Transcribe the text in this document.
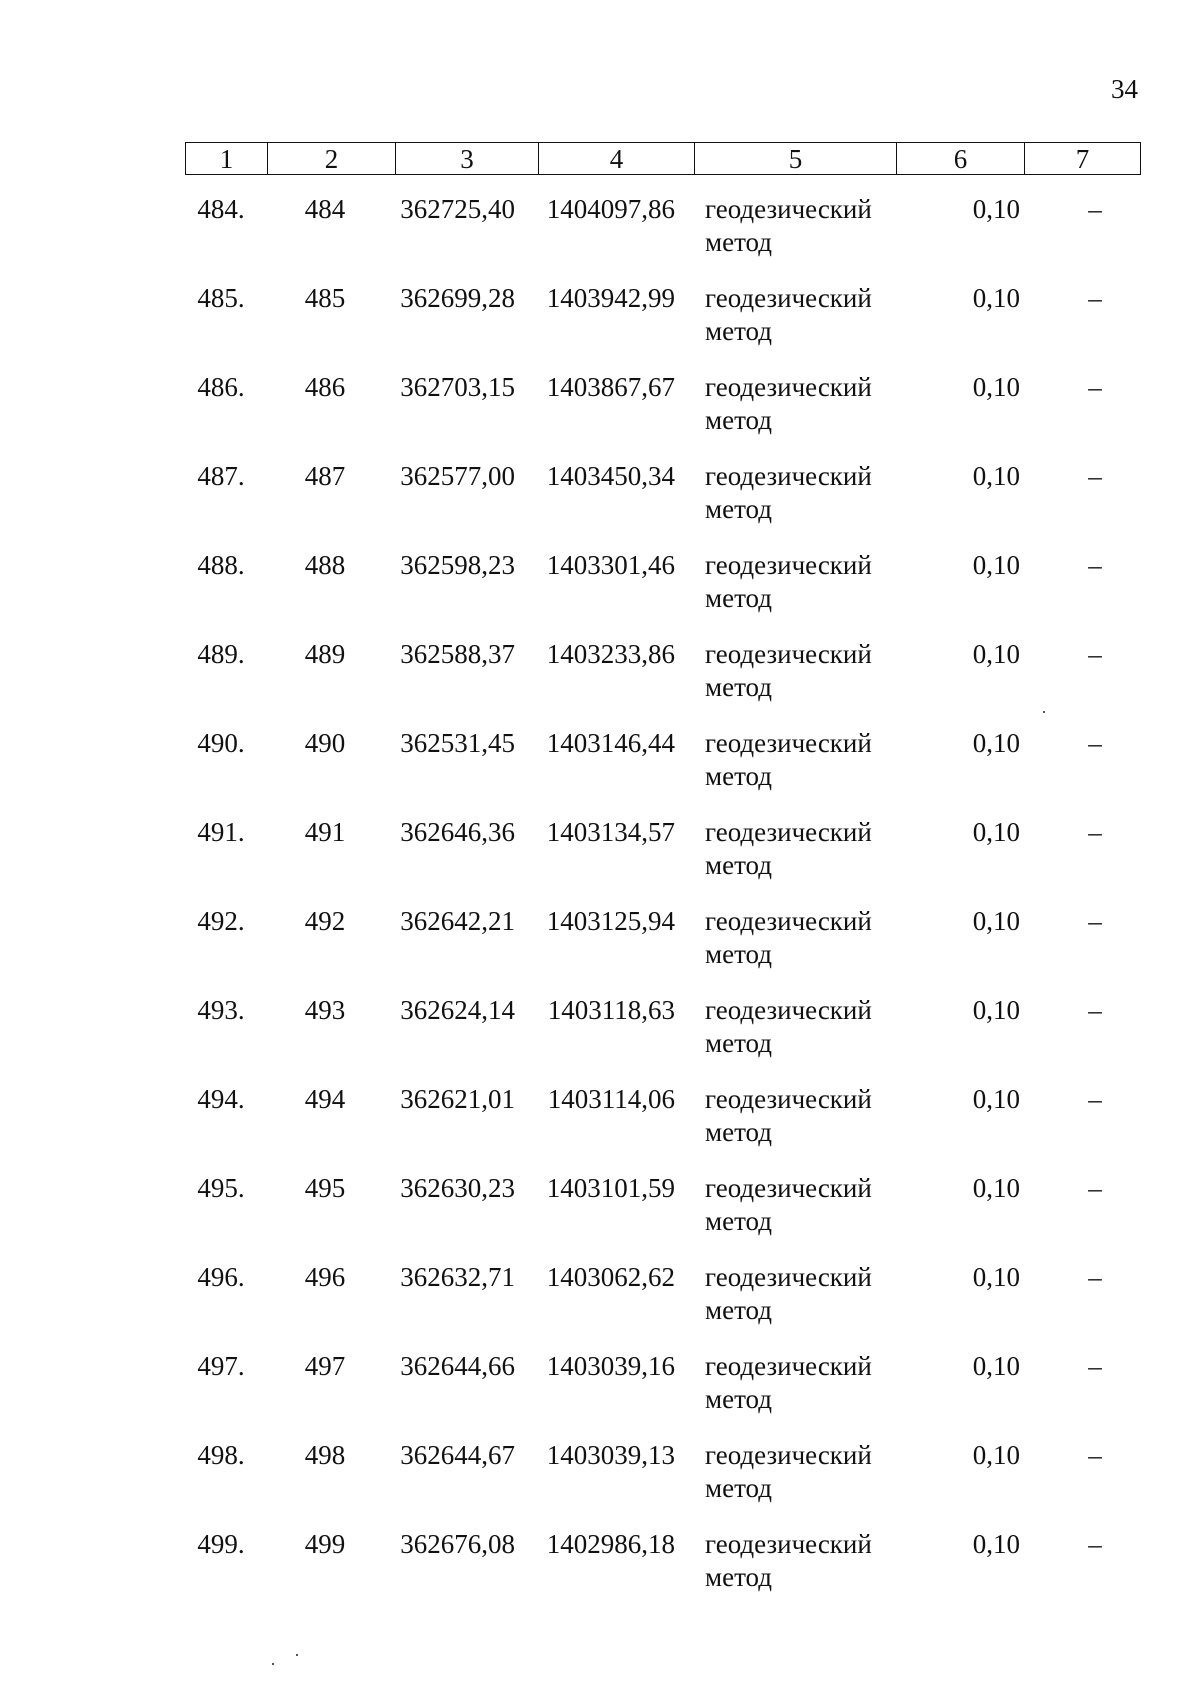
34
1	2	3	4	5	6	7
484.	484	362725,40	1404097,86 геодезический
метод
0,10	–
485.	485	362699,28	1403942,99 геодезический
метод
0,10	–
486.	486	362703,15	1403867,67 геодезический
метод
0,10	–
487.	487	362577,00	1403450,34 геодезический
метод
0,10	–
488.	488	362598,23	1403301,46 геодезический
метод
0,10	–
489.	489	362588,37	1403233,86 геодезический
метод
0,10	–
490.	490	362531,45	1403146,44 геодезический
метод
0,10	–
491.	491	362646,36	1403134,57 геодезический
метод
0,10	–
492.	492	362642,21	1403125,94 геодезический
метод
0,10	–
493.	493	362624,14	1403118,63 геодезический
метод
0,10	–
494.	494	362621,01	1403114,06 геодезический
метод
0,10	–
495.	495	362630,23	1403101,59 геодезический
метод
0,10	–
496.	496	362632,71	1403062,62 геодезический
метод
0,10	–
497.	497	362644,66	1403039,16 геодезический
метод
0,10	–
498.	498	362644,67	1403039,13 геодезический
метод
0,10	–
499.	499	362676,08	1402986,18 геодезический
метод
0,10	–
